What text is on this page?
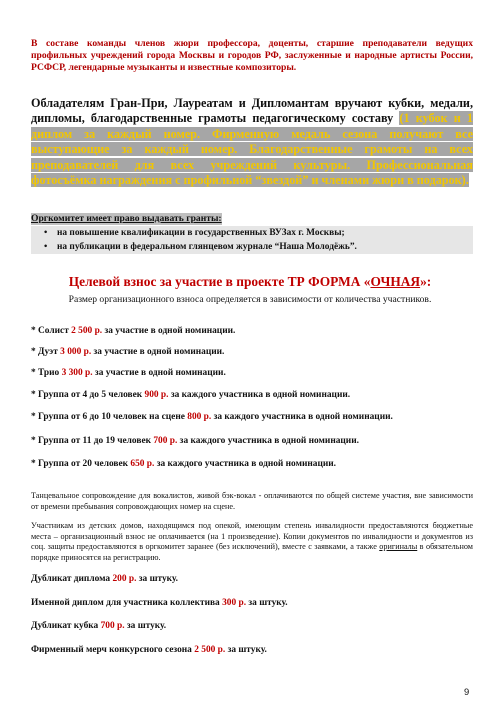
В составе команды членов жюри профессора, доценты, старшие преподаватели ведущих профильных учреждений города Москвы и городов РФ, заслуженные и народные артисты России, РСФСР, легендарные музыканты и известные композиторы.

Обладателям Гран-При, Лауреатам и Дипломантам вручают кубки, медали, дипломы, благодарственные грамоты педагогическому составу (1 кубок и 1 диплом за каждый номер. Фирменную медаль сезона получают все выступающие за каждый номер. Благодарственные грамоты на всех преподавателей для всех учреждений культуры. Профессиональная фотосъёмка награждения с профильной “звездой” и членами жюри в подарок).

Оргкомитет имеет право выдавать гранты:

• на повышение квалификации в государственных ВУЗах г. Москвы;
• на публикации в федеральном глянцевом журнале “Наша Молодёжь”.

Целевой взнос за участие в проекте ТР ФОРМА «ОЧНАЯ»:

Размер организационного взноса определяется в зависимости от количества участников.

* Солист 2 500 р. за участие в одной номинации.

* Дуэт 3 000 р. за участие в одной номинации.

* Трио 3 300 р. за участие в одной номинации.

* Группа от 4 до 5 человек 900 р. за каждого участника в одной номинации.

* Группа от 6 до 10 человек на сцене 800 р. за каждого участника в одной номинации.

* Группа от 11 до 19 человек 700 р. за каждого участника в одной номинации.

* Группа от 20 человек 650 р. за каждого участника в одной номинации.

Танцевальное сопровождение для вокалистов, живой бэк-вокал - оплачиваются по общей системе участия, вне зависимости от времени пребывания сопровождающих номер на сцене.

Участникам из детских домов, находящимся под опекой, имеющим степень инвалидности предоставляются бюджетные места – организационный взнос не оплачивается (на 1 произведение). Копии документов по инвалидности и документов из соц. защиты предоставляются в оргкомитет заранее (без исключений), вместе с заявками, а также оригиналы в обязательном порядке приносятся на регистрацию.

Дубликат диплома 200 р. за штуку.

Именной диплом для участника коллектива 300 р. за штуку.

Дубликат кубка 700 р. за штуку.

Фирменный мерч конкурсного сезона 2 500 р. за штуку.

9
